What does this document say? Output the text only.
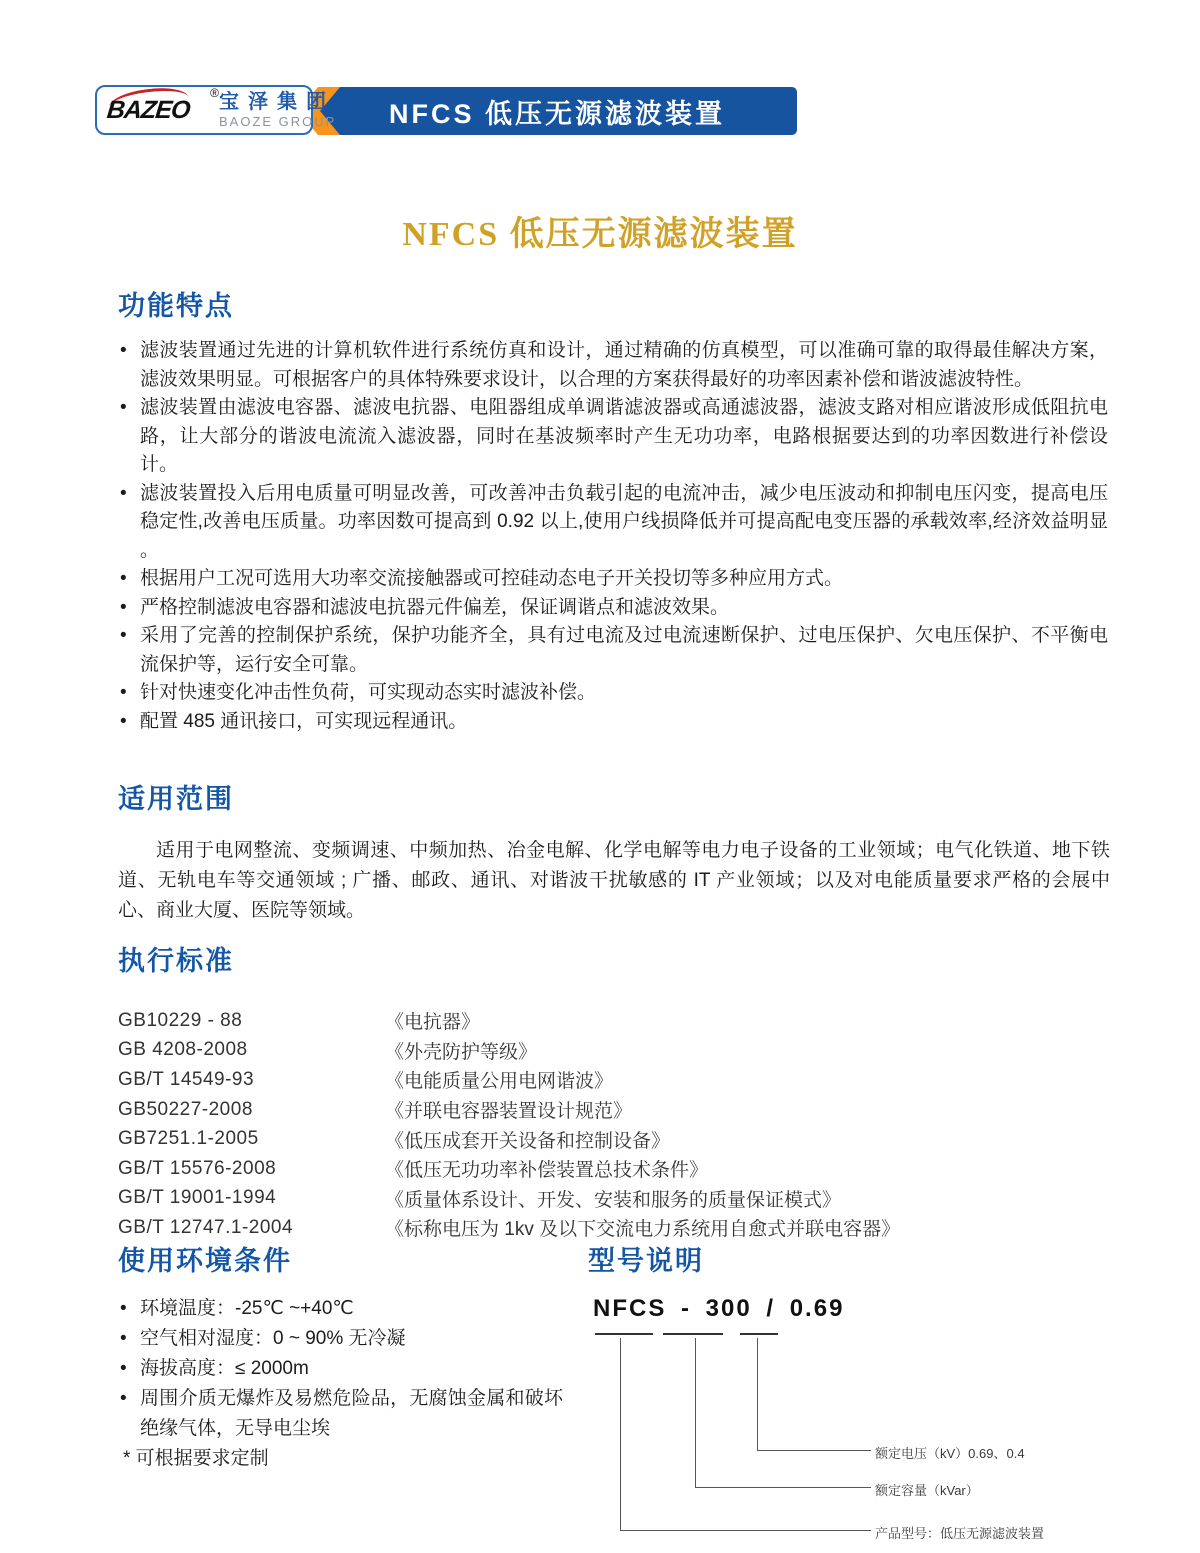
NFCS 低压无源滤波装置
BAZEO
® 宝泽集团
BAOZE GROUP
NFCS 低压无源滤波装置
功能特点
• 滤波装置通过先进的计算机软件进行系统仿真和设计，通过精确的仿真模型，可以准确可靠的取得最佳解决方案，滤波效果明显。可根据客户的具体特殊要求设计，以合理的方案获得最好的功率因素补偿和谐波滤波特性。
• 滤波装置由滤波电容器、滤波电抗器、电阻器组成单调谐滤波器或高通滤波器，滤波支路对相应谐波形成低阻抗电路，让大部分的谐波电流流入滤波器，同时在基波频率时产生无功功率，电路根据要达到的功率因数进行补偿设计。
• 滤波装置投入后用电质量可明显改善，可改善冲击负载引起的电流冲击，减少电压波动和抑制电压闪变，提高电压稳定性,改善电压质量。功率因数可提高到 0.92 以上,使用户线损降低并可提高配电变压器的承载效率,经济效益明显 。
• 根据用户工况可选用大功率交流接触器或可控硅动态电子开关投切等多种应用方式。
• 严格控制滤波电容器和滤波电抗器元件偏差，保证调谐点和滤波效果。
• 采用了完善的控制保护系统，保护功能齐全，具有过电流及过电流速断保护、过电压保护、欠电压保护、不平衡电流保护等，运行安全可靠。
• 针对快速变化冲击性负荷，可实现动态实时滤波补偿。
• 配置 485 通讯接口，可实现远程通讯。
适用范围

适用于电网整流、变频调速、中频加热、冶金电解、化学电解等电力电子设备的工业领域；电气化铁道、地下铁道、无轨电车等交通领域 ; 广播、邮政、通讯、对谐波干扰敏感的 IT 产业领域；以及对电能质量要求严格的会展中心、商业大厦、医院等领域。

执行标准
GB10229 - 88	《电抗器》
GB 4208-2008	《外壳防护等级》
GB/T 14549-93	《电能质量公用电网谐波》
GB50227-2008	《并联电容器装置设计规范》
GB7251.1-2005	《低压成套开关设备和控制设备》
GB/T 15576-2008	《低压无功功率补偿装置总技术条件》
GB/T 19001-1994	《质量体系设计、开发、安装和服务的质量保证模式》
GB/T 12747.1-2004	《标称电压为 1kv 及以下交流电力系统用自愈式并联电容器》
使用环境条件
• 环境温度：-25℃ ~+40℃
• 空气相对湿度：0 ~ 90% 无冷凝
• 海拔高度：≤ 2000m
• 周围介质无爆炸及易燃危险品，无腐蚀金属和破坏绝缘气体，无导电尘埃
* 可根据要求定制
型号说明
NFCS - 300 / 0.69
额定电压（kV）0.69、0.4
额定容量（kVar）
产品型号：低压无源滤波装置
